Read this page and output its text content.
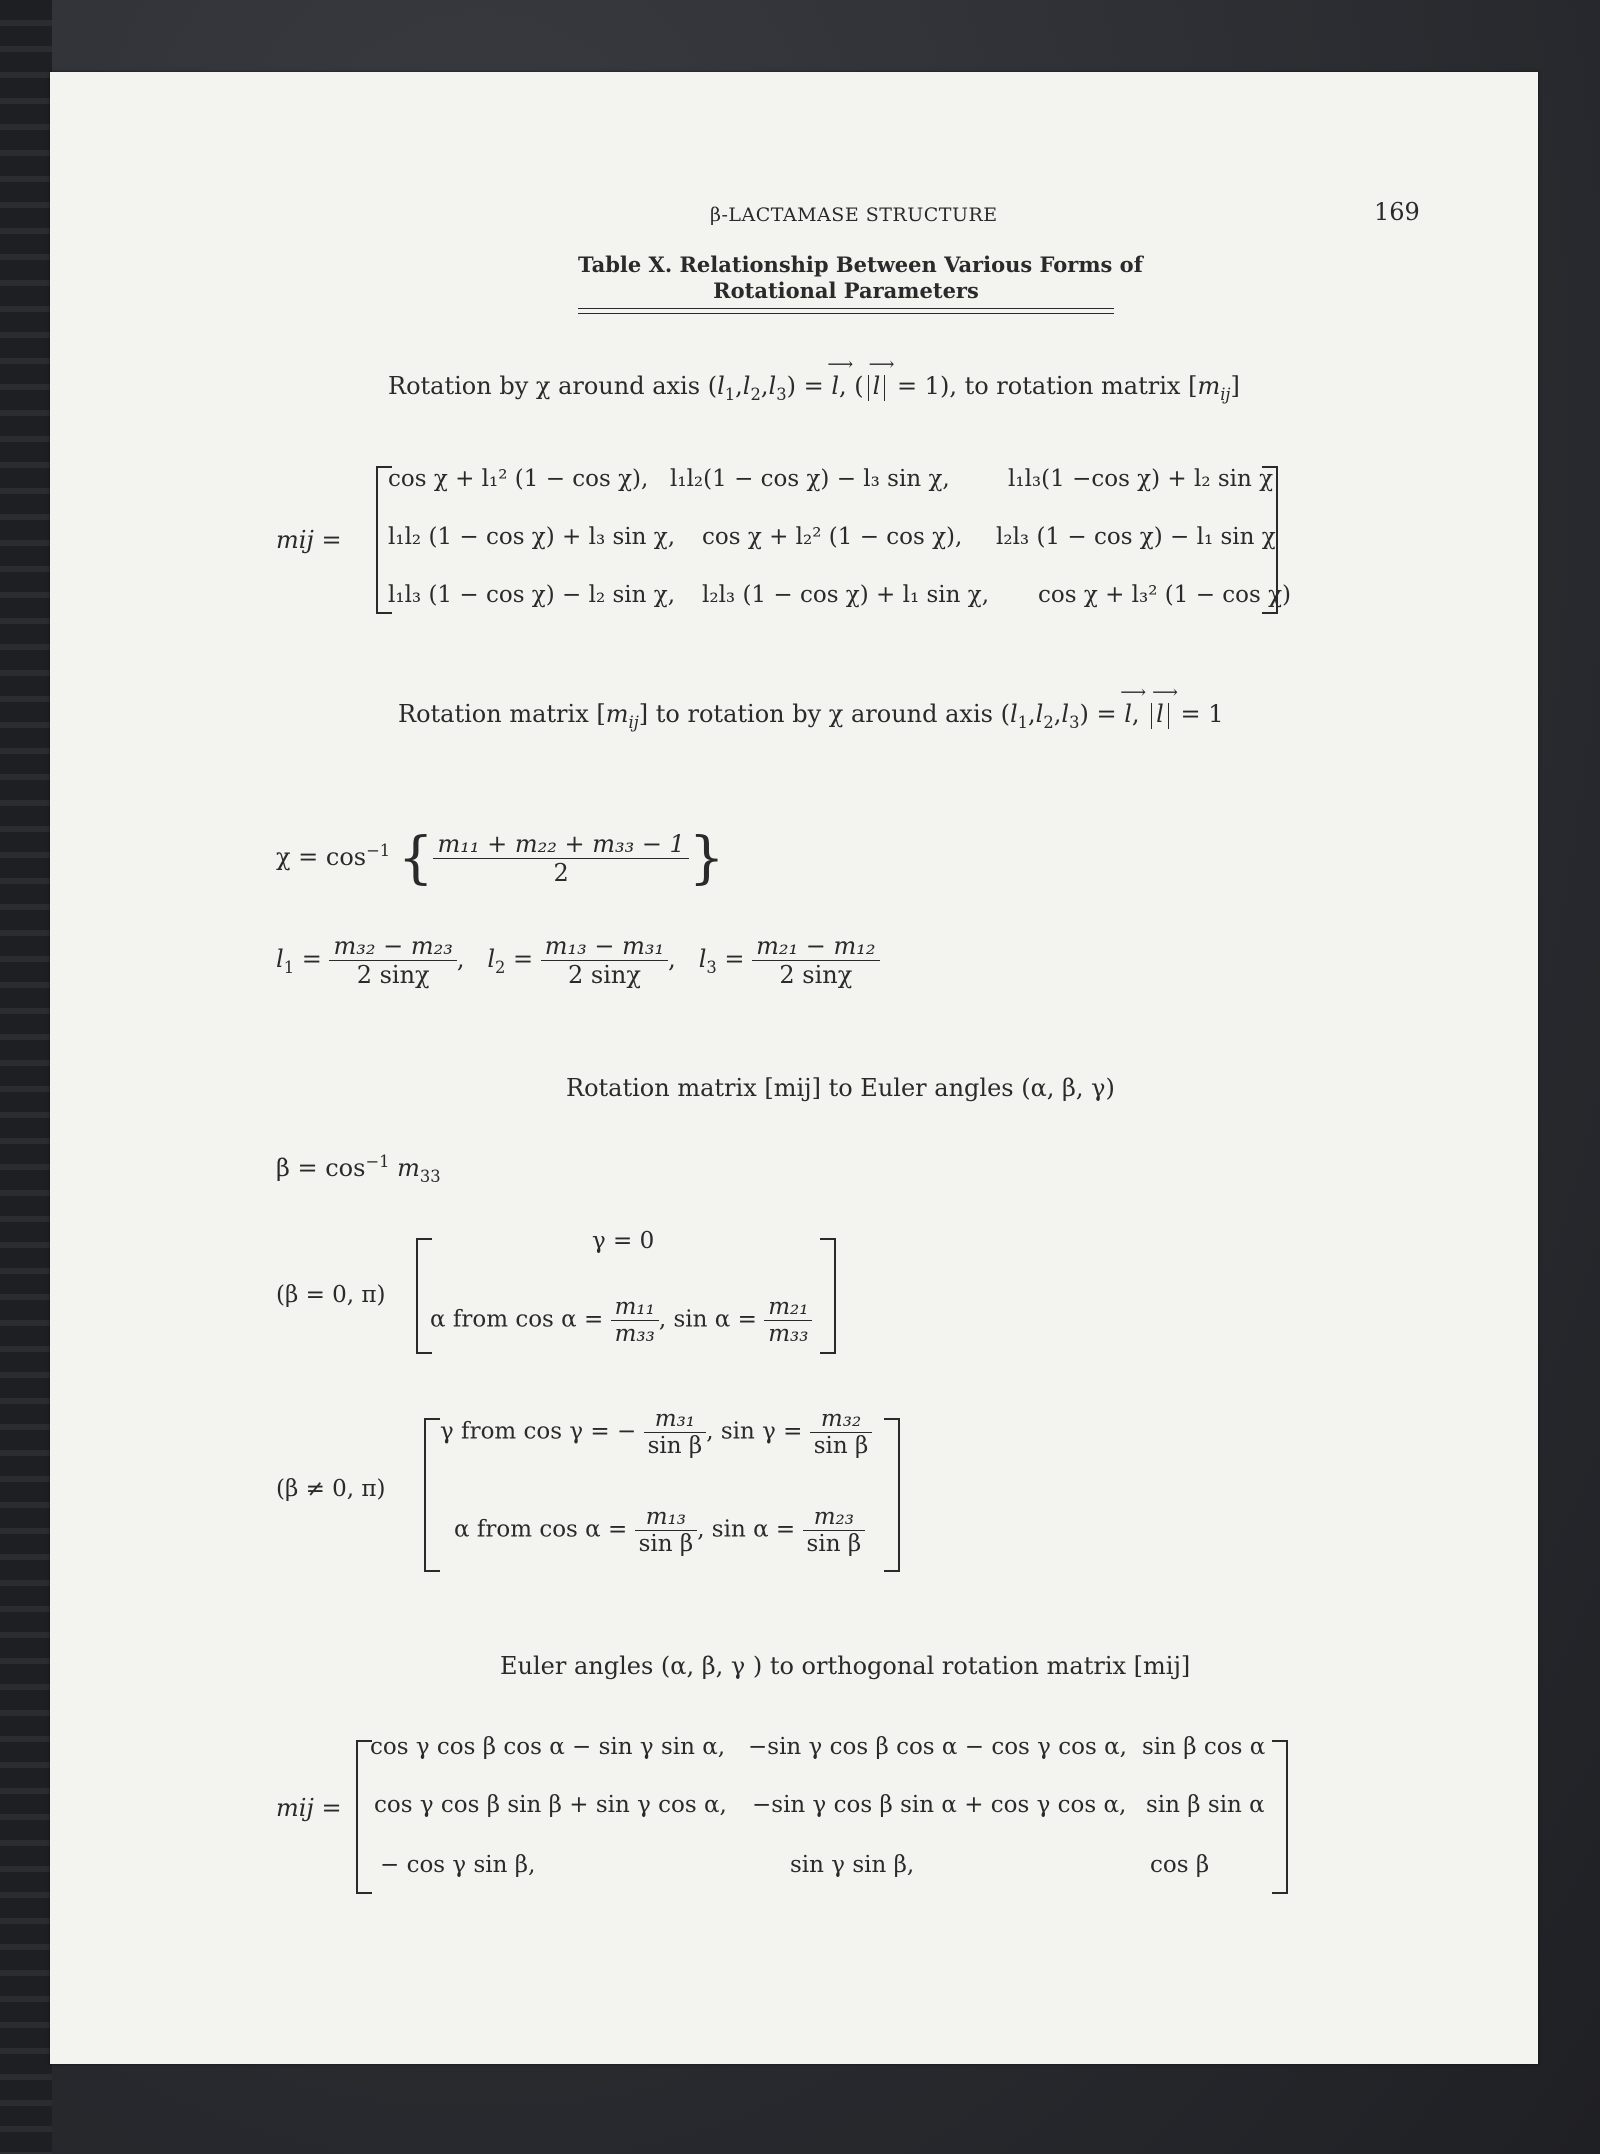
β-LACTAMASE STRUCTURE	169
Table X. Relationship Between Various Forms of
Rotational Parameters
Rotation by χ around axis $(l_1,l_2,l_3)$ = ⟶ l, (⟶ l = 1), to rotation matrix $[m_{ij}]$
mij =
cos χ + l₁² (1 − cos χ), l₁l₂(1 − cos χ) − l₃ sin χ,	l₁l₃(1 −cos χ) + l₂ sin χ
l₁l₂ (1 − cos χ) + l₃ sin χ, cos χ + l₂² (1 − cos χ), l₂l₃ (1 − cos χ) − l₁ sin χ
l₁l₃ (1 − cos χ) − l₂ sin χ, l₂l₃ (1 − cos χ) + l₁ sin χ, cos χ + l₃² (1 − cos χ)
Rotation matrix $[m_{ij}]$ to rotation by χ around axis $(l_1,l_2,l_3)$ = ⟶ l, ⟶ l = 1
$\chi = \cos^{-1}$ { $\frac{\text{m₁₁ + m₂₂ + m₃₃ − 1}}{2}$ }
$l_1 = \frac{\text{m₃₂ − m₂₃}}{2 \sin\chi}$ ,   $l_2 = \frac{\text{m₁₃ − m₃₁}}{2 \sin\chi}$ ,   $l_3 = \frac{\text{m₂₁ − m₁₂}}{2 \sin\chi}$
Rotation matrix [mij] to Euler angles (α, β, γ)
$\beta = \cos^{-1} m_{33}$
(β = 0, π)
γ = 0
α from $\cos \alpha = \frac{\text{m₁₁}}{\text{m₃₃}}$ , $\sin \alpha = \frac{\text{m₂₁}}{\text{m₃₃}}$
(β ≠ 0, π)
γ from cos γ = − $\frac{\text{m₃₁}}{\text{sin β}}$ , $\sin \gamma = \frac{\text{m₃₂}}{\text{sin β}}$
α from $\cos \alpha = \frac{\text{m₁₃}}{\text{sin β}}$ , $\sin \alpha = \frac{\text{m₂₃}}{\text{sin β}}$
Euler angles (α, β, γ ) to orthogonal rotation matrix [mij]
mij =
cos γ cos β cos α − sin γ sin α, −sin γ cos β cos α − cos γ cos α, sin β cos α
cos γ cos β sin β + sin γ cos α, −sin γ cos β sin α + cos γ cos α, sin β sin α
− cos γ sin β,	sin γ sin β,	cos β
